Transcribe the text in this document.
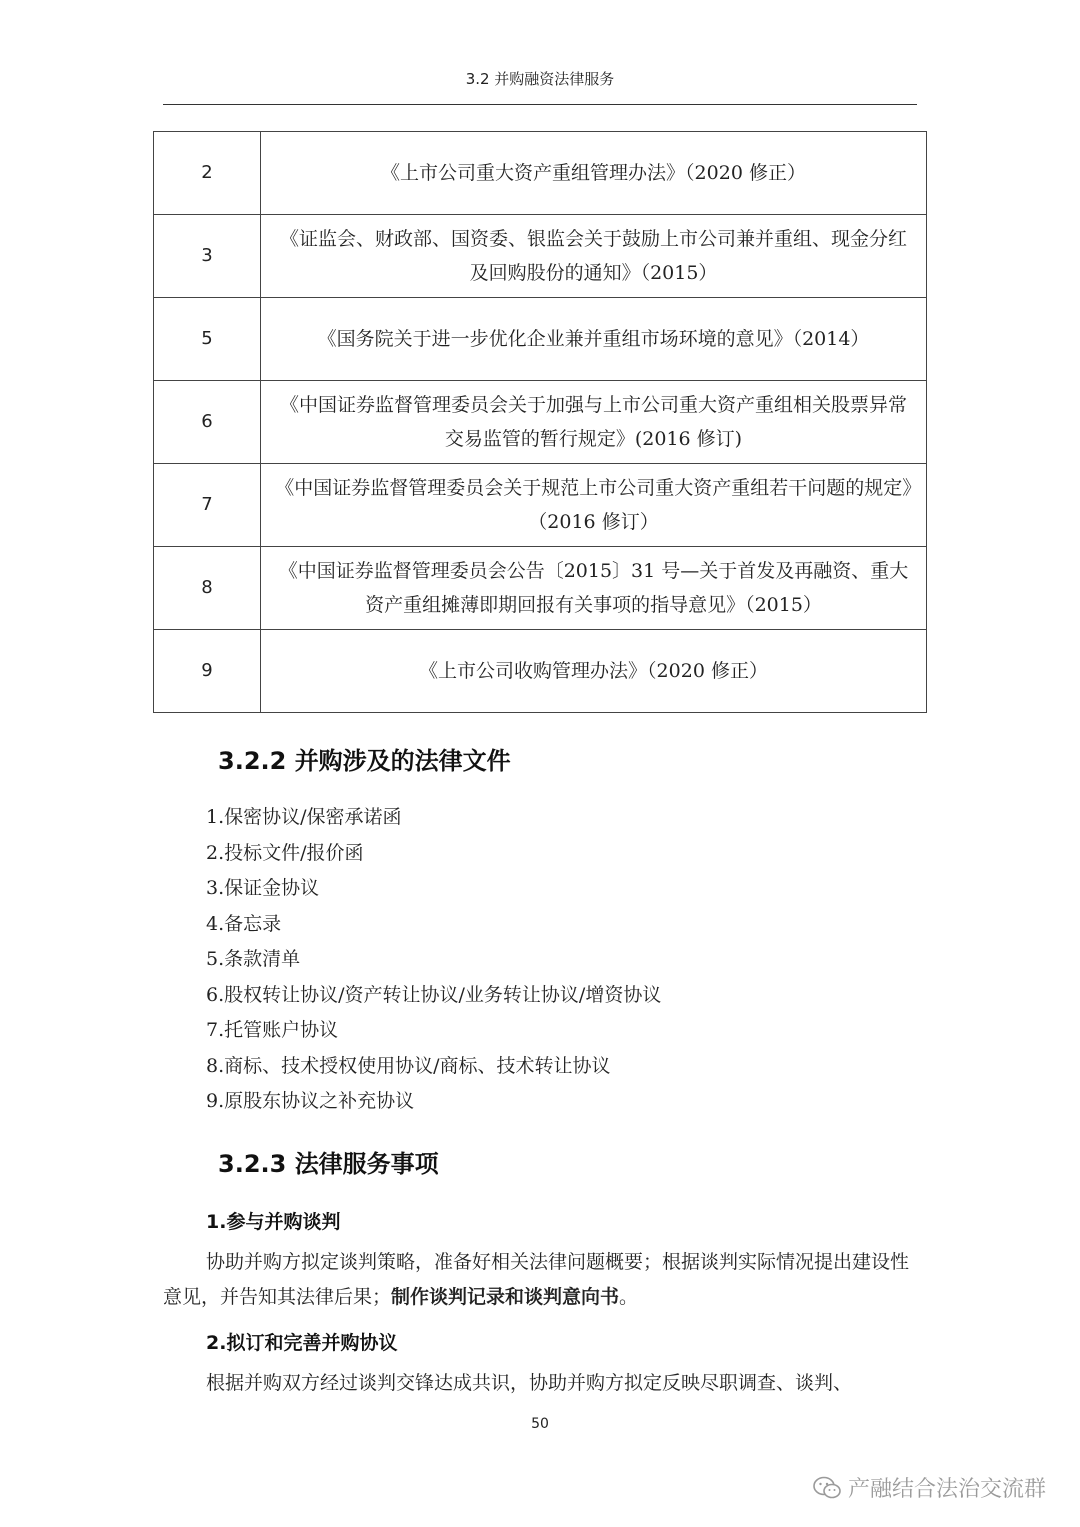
3.2 并购融资法律服务
2	《上市公司重大资产重组管理办法》（2020 修正）
3	《证监会、财政部、国资委、银监会关于鼓励上市公司兼并重组、现金分红及回购股份的通知》（2015）
5	《国务院关于进一步优化企业兼并重组市场环境的意见》（2014）
6	《中国证券监督管理委员会关于加强与上市公司重大资产重组相关股票异常交易监管的暂行规定》(2016 修订)
7	《中国证券监督管理委员会关于规范上市公司重大资产重组若干问题的规定》（2016 修订）
8	《中国证券监督管理委员会公告〔2015〕31 号—关于首发及再融资、重大资产重组摊薄即期回报有关事项的指导意见》（2015）
9	《上市公司收购管理办法》（2020 修正）
3.2.2 并购涉及的法律文件
1.保密协议/保密承诺函
2.投标文件/报价函
3.保证金协议
4.备忘录
5.条款清单
6.股权转让协议/资产转让协议/业务转让协议/增资协议
7.托管账户协议
8.商标、技术授权使用协议/商标、技术转让协议
9.原股东协议之补充协议
3.2.3 法律服务事项
1.参与并购谈判
协助并购方拟定谈判策略，准备好相关法律问题概要；根据谈判实际情况提出建设性意见，并告知其法律后果；制作谈判记录和谈判意向书。
2.拟订和完善并购协议
根据并购双方经过谈判交锋达成共识，协助并购方拟定反映尽职调查、谈判、
50
产融结合法治交流群
